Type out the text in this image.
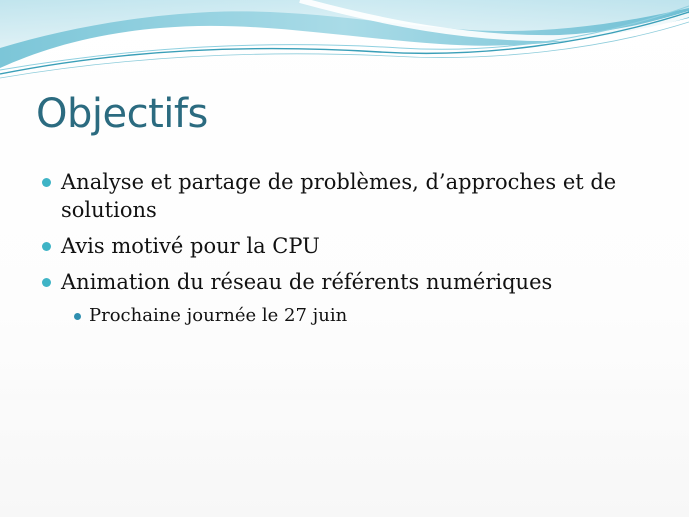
Objectifs
Analyse et partage de problèmes, d’approches et de solutions
Avis motivé pour la CPU
Animation du réseau de référents numériques
Prochaine journée le 27 juin
